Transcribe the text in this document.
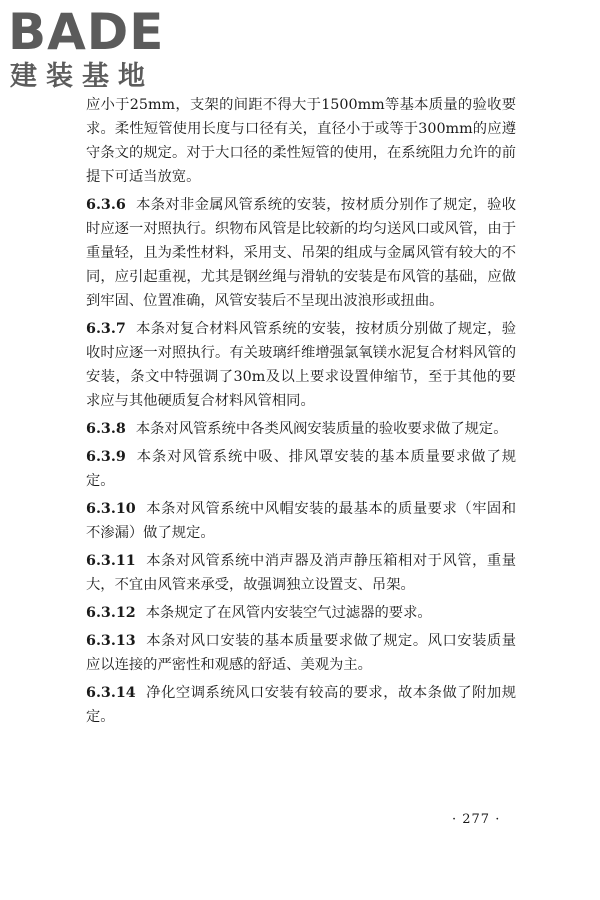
BADE
建装基地

应小于25mm，支架的间距不得大于1500mm等基本质量的验收要求。柔性短管使用长度与口径有关，直径小于或等于300mm的应遵守条文的规定。对于大口径的柔性短管的使用，在系统阻力允许的前提下可适当放宽。

6.3.6 本条对非金属风管系统的安装，按材质分别作了规定，验收时应逐一对照执行。织物布风管是比较新的均匀送风口或风管，由于重量轻，且为柔性材料，采用支、吊架的组成与金属风管有较大的不同，应引起重视，尤其是钢丝绳与滑轨的安装是布风管的基础，应做到牢固、位置准确，风管安装后不呈现出波浪形或扭曲。

6.3.7 本条对复合材料风管系统的安装，按材质分别做了规定，验收时应逐一对照执行。有关玻璃纤维增强氯氧镁水泥复合材料风管的安装，条文中特强调了30m及以上要求设置伸缩节，至于其他的要求应与其他硬质复合材料风管相同。

6.3.8 本条对风管系统中各类风阀安装质量的验收要求做了规定。

6.3.9 本条对风管系统中吸、排风罩安装的基本质量要求做了规定。

6.3.10 本条对风管系统中风帽安装的最基本的质量要求（牢固和不渗漏）做了规定。

6.3.11 本条对风管系统中消声器及消声静压箱相对于风管，重量大，不宜由风管来承受，故强调独立设置支、吊架。

6.3.12 本条规定了在风管内安装空气过滤器的要求。

6.3.13 本条对风口安装的基本质量要求做了规定。风口安装质量应以连接的严密性和观感的舒适、美观为主。

6.3.14 净化空调系统风口安装有较高的要求，故本条做了附加规定。

· 277 ·
